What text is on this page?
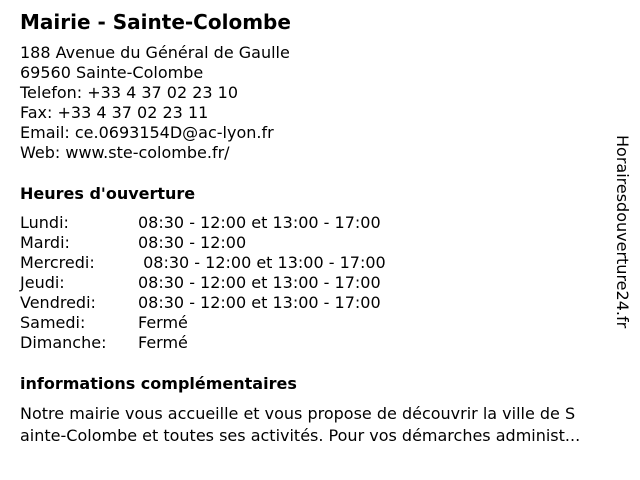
Mairie - Sainte-Colombe
188 Avenue du Général de Gaulle
69560 Sainte-Colombe
Telefon: +33 4 37 02 23 10
Fax: +33 4 37 02 23 11
Email: ce.0693154D@ac-lyon.fr
Web: www.ste-colombe.fr/
Heures d'ouverture
Lundi:	08:30 - 12:00 et 13:00 - 17:00
Mardi:	08:30 - 12:00
Mercredi:	08:30 - 12:00 et 13:00 - 17:00
Jeudi:	08:30 - 12:00 et 13:00 - 17:00
Vendredi:	08:30 - 12:00 et 13:00 - 17:00
Samedi:	Fermé
Dimanche: Fermé
informations complémentaires
Notre mairie vous accueille et vous propose de découvrir la ville de S
ainte-Colombe et toutes ses activités. Pour vos démarches administ...
Horairesdouverture24.fr
